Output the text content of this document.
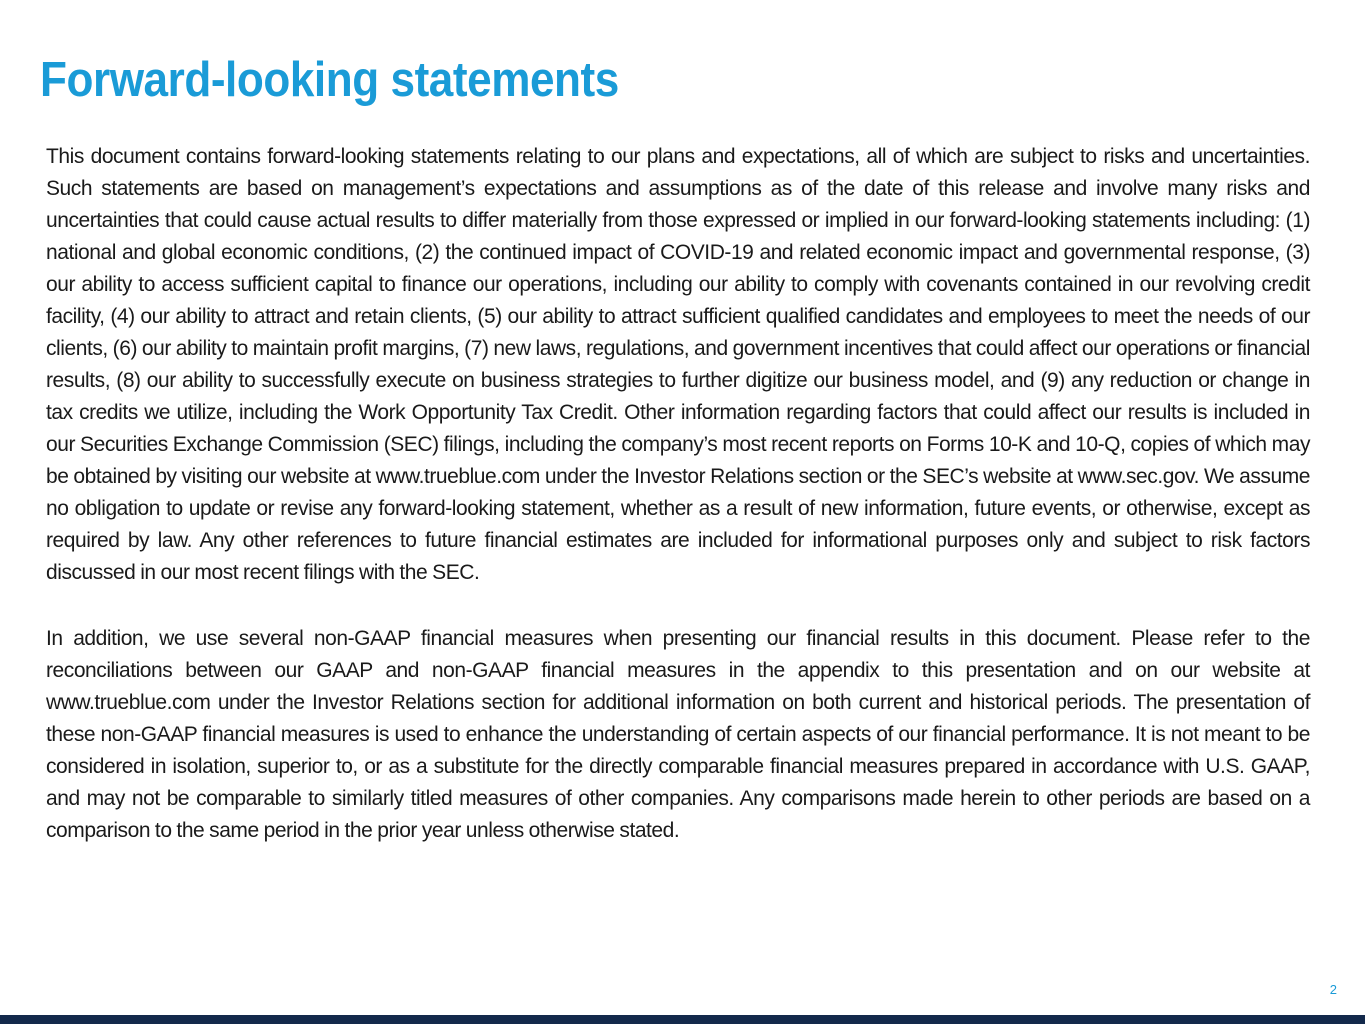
Forward-looking statements

This document contains forward-looking statements relating to our plans and expectations, all of which are subject to risks and uncertainties. Such statements are based on management’s expectations and assumptions as of the date of this release and involve many risks and uncertainties that could cause actual results to differ materially from those expressed or implied in our forward-looking statements including: (1) national and global economic conditions, (2) the continued impact of COVID-19 and related economic impact and governmental response, (3) our ability to access sufficient capital to finance our operations, including our ability to comply with covenants contained in our revolving credit facility, (4) our ability to attract and retain clients, (5) our ability to attract sufficient qualified candidates and employees to meet the needs of our clients, (6) our ability to maintain profit margins, (7) new laws, regulations, and government incentives that could affect our operations or financial results, (8) our ability to successfully execute on business strategies to further digitize our business model, and (9) any reduction or change in tax credits we utilize, including the Work Opportunity Tax Credit. Other information regarding factors that could affect our results is included in our Securities Exchange Commission (SEC) filings, including the company’s most recent reports on Forms 10-K and 10-Q, copies of which may be obtained by visiting our website at www.trueblue.com under the Investor Relations section or the SEC’s website at www.sec.gov. We assume no obligation to update or revise any forward-looking statement, whether as a result of new information, future events, or otherwise, except as required by law. Any other references to future financial estimates are included for informational purposes only and subject to risk factors discussed in our most recent filings with the SEC.

In addition, we use several non-GAAP financial measures when presenting our financial results in this document. Please refer to the reconciliations between our GAAP and non-GAAP financial measures in the appendix to this presentation and on our website at www.trueblue.com under the Investor Relations section for additional information on both current and historical periods. The presentation of these non-GAAP financial measures is used to enhance the understanding of certain aspects of our financial performance. It is not meant to be considered in isolation, superior to, or as a substitute for the directly comparable financial measures prepared in accordance with U.S. GAAP, and may not be comparable to similarly titled measures of other companies. Any comparisons made herein to other periods are based on a comparison to the same period in the prior year unless otherwise stated.

2
